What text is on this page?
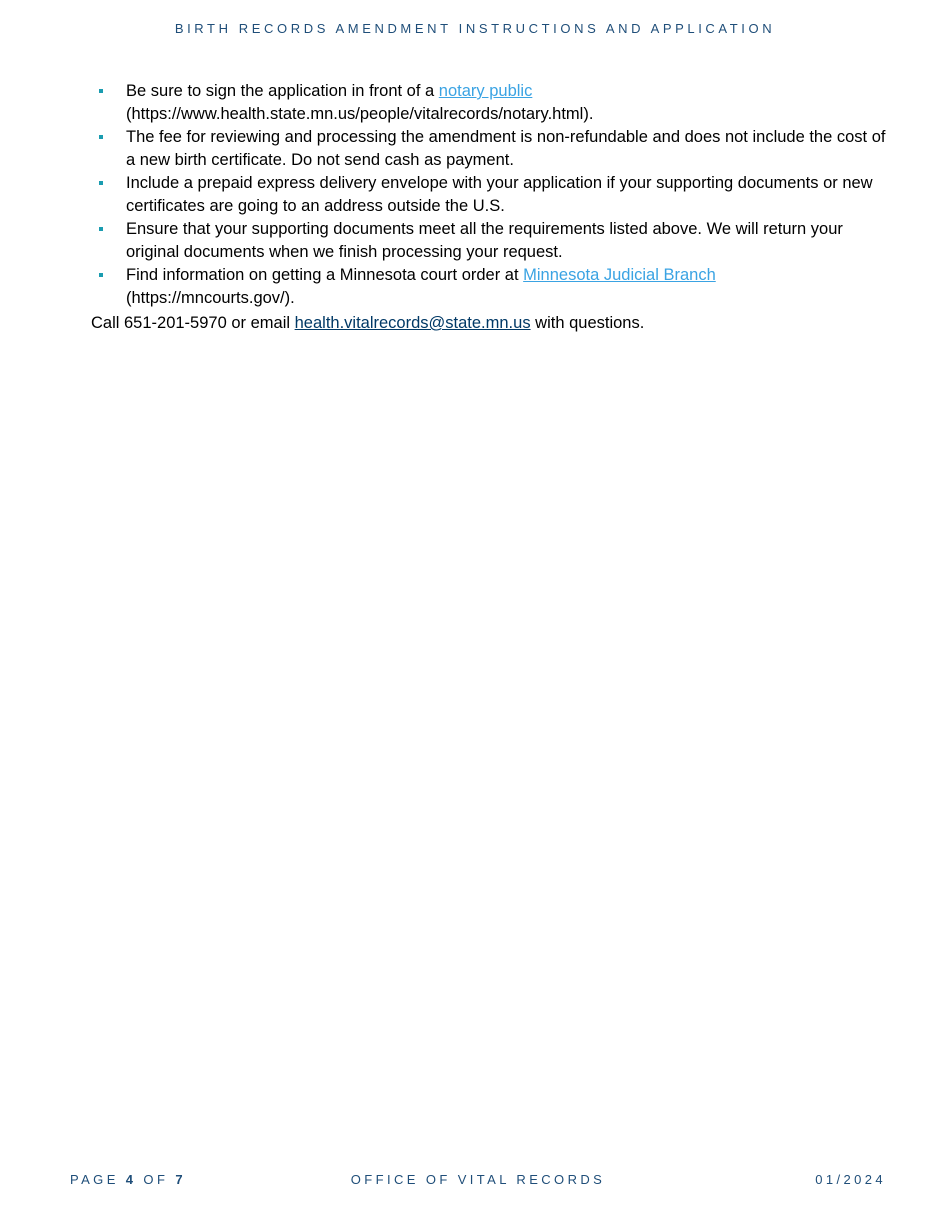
BIRTH RECORDS AMENDMENT INSTRUCTIONS AND APPLICATION
Be sure to sign the application in front of a notary public
(https://www.health.state.mn.us/people/vitalrecords/notary.html).
The fee for reviewing and processing the amendment is non-refundable and does not include the cost of a new birth certificate. Do not send cash as payment.
Include a prepaid express delivery envelope with your application if your supporting documents or new certificates are going to an address outside the U.S.
Ensure that your supporting documents meet all the requirements listed above. We will return your original documents when we finish processing your request.
Find information on getting a Minnesota court order at Minnesota Judicial Branch
(https://mncourts.gov/).
Call 651-201-5970 or email health.vitalrecords@state.mn.us with questions.
PAGE 4 OF 7	OFFICE OF VITAL RECORDS	01/2024
